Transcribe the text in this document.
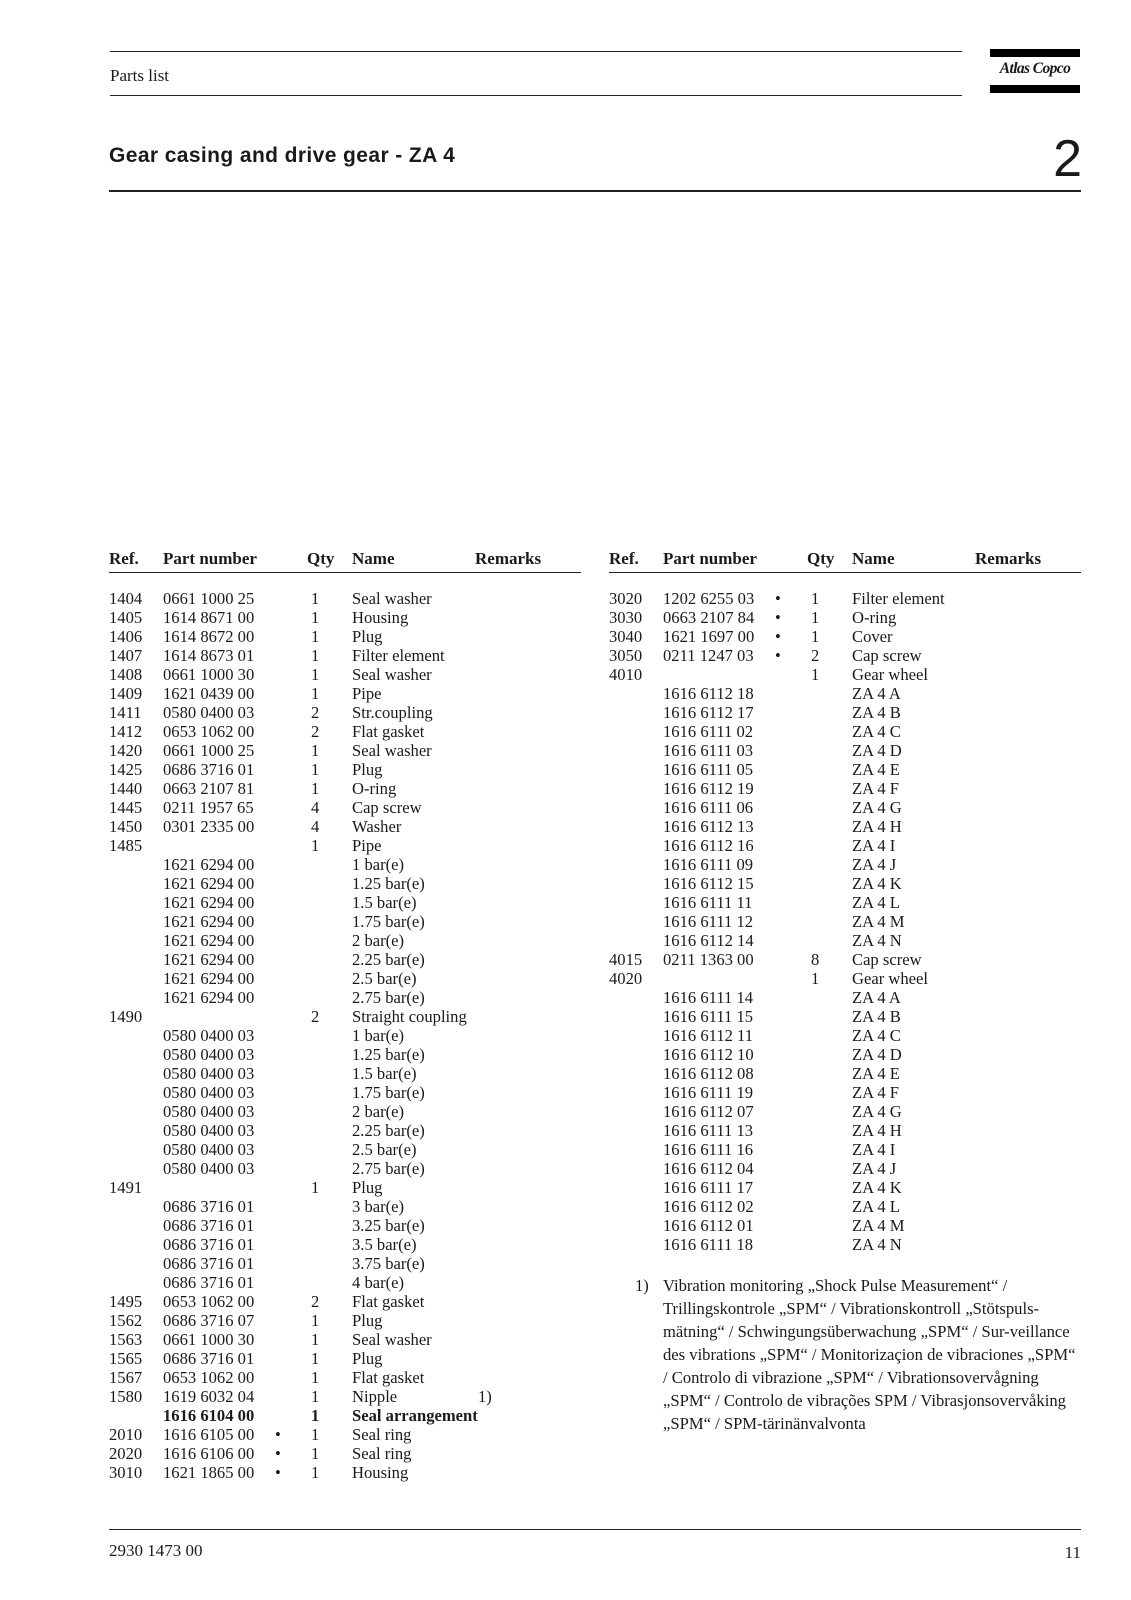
Parts list	Atlas Copco
Gear casing and drive gear - ZA 4	2
Ref. Part number	Qty Name	Remarks
1404 0661 1000 25	1 Seal washer
1405 1614 8671 00	1 Housing
1406 1614 8672 00	1 Plug
1407 1614 8673 01	1 Filter element
1408 0661 1000 30	1 Seal washer
1409 1621 0439 00	1 Pipe
1411 0580 0400 03	2 Str.coupling
1412 0653 1062 00	2 Flat gasket
1420 0661 1000 25	1 Seal washer
1425 0686 3716 01	1 Plug
1440 0663 2107 81	1 O-ring
1445 0211 1957 65	4 Cap screw
1450 0301 2335 00	4 Washer
1485	1 Pipe
1621 6294 00	1 bar(e)
1621 6294 00	1.25 bar(e)
1621 6294 00	1.5 bar(e)
1621 6294 00	1.75 bar(e)
1621 6294 00	2 bar(e)
1621 6294 00	2.25 bar(e)
1621 6294 00	2.5 bar(e)
1621 6294 00	2.75 bar(e)
1490	2 Straight coupling
0580 0400 03	1 bar(e)
0580 0400 03	1.25 bar(e)
0580 0400 03	1.5 bar(e)
0580 0400 03	1.75 bar(e)
0580 0400 03	2 bar(e)
0580 0400 03	2.25 bar(e)
0580 0400 03	2.5 bar(e)
0580 0400 03	2.75 bar(e)
1491	1 Plug
0686 3716 01	3 bar(e)
0686 3716 01	3.25 bar(e)
0686 3716 01	3.5 bar(e)
0686 3716 01	3.75 bar(e)
0686 3716 01	4 bar(e)
1495 0653 1062 00	2 Flat gasket
1562 0686 3716 07	1 Plug
1563 0661 1000 30	1 Seal washer
1565 0686 3716 01	1 Plug
1567 0653 1062 00	1 Flat gasket
1580 1619 6032 04	1 Nipple	1)
1616 6104 00	1 Seal arrangement
2010 1616 6105 00 • 1 Seal ring
2020 1616 6106 00 • 1 Seal ring
3010 1621 1865 00 • 1 Housing
Ref. Part number	Qty Name	Remarks
3020 1202 6255 03 • 1 Filter element
3030 0663 2107 84 • 1 O-ring
3040 1621 1697 00 • 1 Cover
3050 0211 1247 03 • 2 Cap screw
4010	1 Gear wheel
1616 6112 18	ZA 4 A
1616 6112 17	ZA 4 B
1616 6111 02	ZA 4 C
1616 6111 03	ZA 4 D
1616 6111 05	ZA 4 E
1616 6112 19	ZA 4 F
1616 6111 06	ZA 4 G
1616 6112 13	ZA 4 H
1616 6112 16	ZA 4 I
1616 6111 09	ZA 4 J
1616 6112 15	ZA 4 K
1616 6111 11	ZA 4 L
1616 6111 12	ZA 4 M
1616 6112 14	ZA 4 N
4015 0211 1363 00	8 Cap screw
4020	1 Gear wheel
1616 6111 14	ZA 4 A
1616 6111 15	ZA 4 B
1616 6112 11	ZA 4 C
1616 6112 10	ZA 4 D
1616 6112 08	ZA 4 E
1616 6111 19	ZA 4 F
1616 6112 07	ZA 4 G
1616 6111 13	ZA 4 H
1616 6111 16	ZA 4 I
1616 6112 04	ZA 4 J
1616 6111 17	ZA 4 K
1616 6112 02	ZA 4 L
1616 6112 01	ZA 4 M
1616 6111 18	ZA 4 N
1) Vibration monitoring „Shock Pulse Measurement“ / Trillingskontrole „SPM“ / Vibrationskontroll „Stötspuls-mätning“ / Schwingungsüberwachung „SPM“ / Sur-veillance des vibrations „SPM“ / Monitorizaçion de vibraciones „SPM“ / Controlo di vibrazione „SPM“ / Vibrationsovervågning „SPM“ / Controlo de vibrações SPM / Vibrasjonsovervåking „SPM“ / SPM-tärinänvalvonta
2930 1473 00	11
